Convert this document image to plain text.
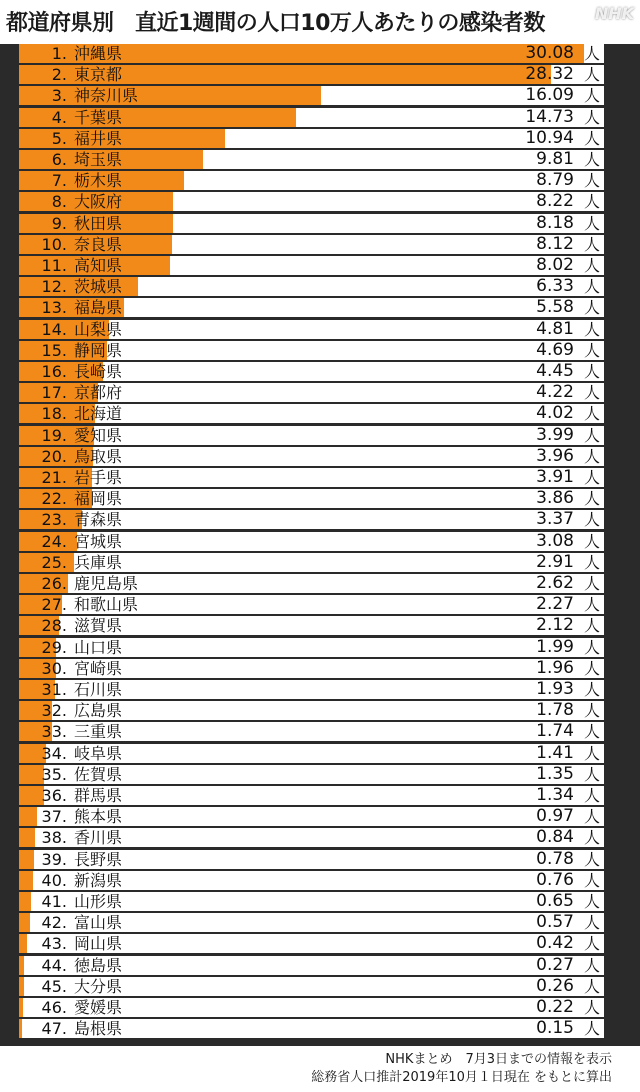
都道府県別　直近1週間の人口10万人あたりの感染者数	NHK
1. 沖縄県	30.08 人
2. 東京都	28.32 人
3. 神奈川県	16.09 人
4. 千葉県	14.73 人
5. 福井県	10.94 人
6. 埼玉県	9.81 人
7. 栃木県	8.79 人
8. 大阪府	8.22 人
9. 秋田県	8.18 人
10. 奈良県	8.12 人
11. 高知県	8.02 人
12. 茨城県	6.33 人
13. 福島県	5.58 人
14. 山梨県	4.81 人
15. 静岡県	4.69 人
16. 長崎県	4.45 人
17. 京都府	4.22 人
18. 北海道	4.02 人
19. 愛知県	3.99 人
20. 鳥取県	3.96 人
21. 岩手県	3.91 人
22. 福岡県	3.86 人
23. 青森県	3.37 人
24. 宮城県	3.08 人
25. 兵庫県	2.91 人
26. 鹿児島県	2.62 人
27. 和歌山県	2.27 人
28. 滋賀県	2.12 人
29. 山口県	1.99 人
30. 宮崎県	1.96 人
31. 石川県	1.93 人
32. 広島県	1.78 人
33. 三重県	1.74 人
34. 岐阜県	1.41 人
35. 佐賀県	1.35 人
36. 群馬県	1.34 人
37. 熊本県	0.97 人
38. 香川県	0.84 人
39. 長野県	0.78 人
40. 新潟県	0.76 人
41. 山形県	0.65 人
42. 富山県	0.57 人
43. 岡山県	0.42 人
44. 徳島県	0.27 人
45. 大分県	0.26 人
46. 愛媛県	0.22 人
47. 島根県	0.15 人
NHKまとめ　7月3日までの情報を表示
総務省人口推計2019年10月１日現在 をもとに算出
